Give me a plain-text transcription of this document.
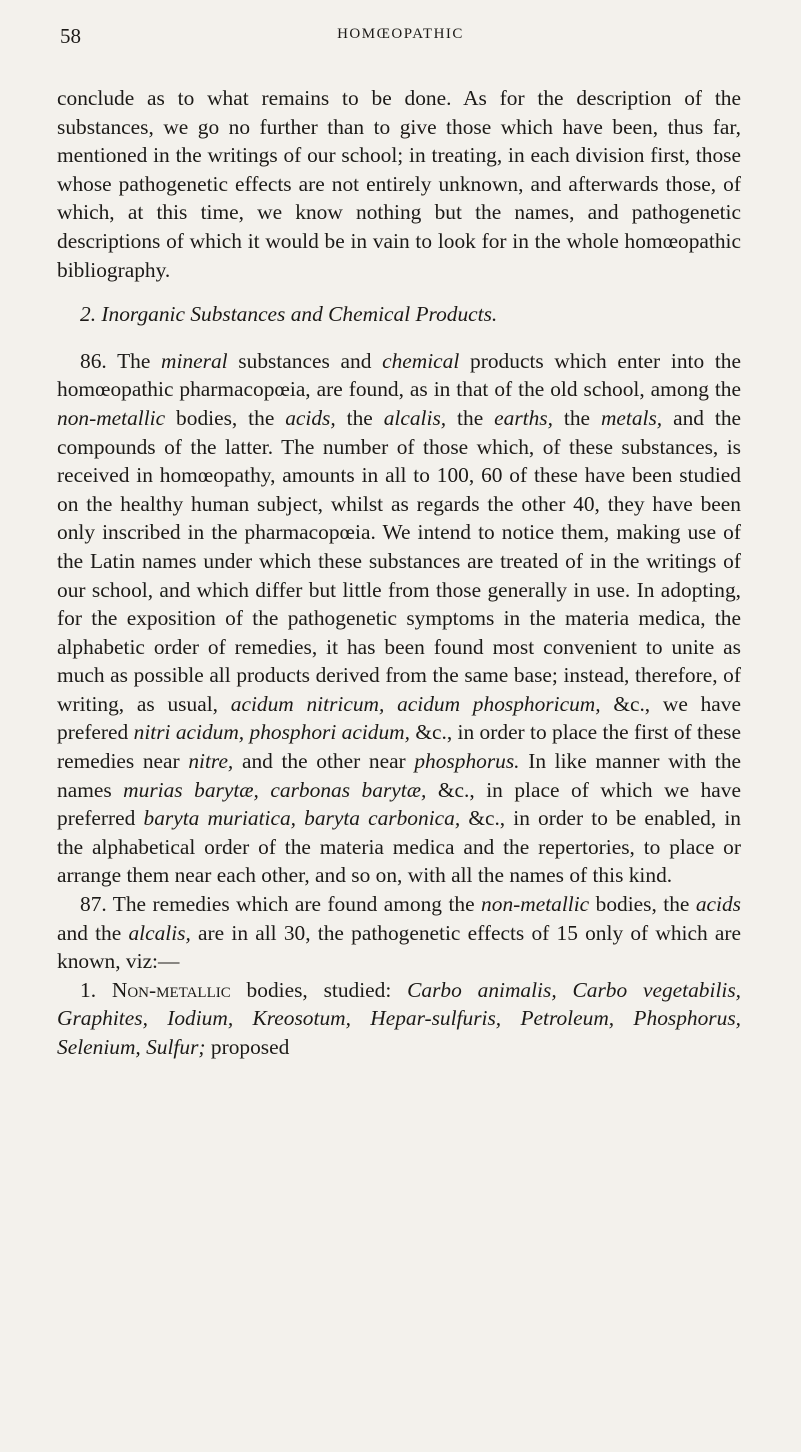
58	HOMŒOPATHIC

conclude as to what remains to be done. As for the description of the substances, we go no further than to give those which have been, thus far, mentioned in the writings of our school; in treating, in each division first, those whose pathogenetic effects are not entirely unknown, and afterwards those, of which, at this time, we know nothing but the names, and pathogenetic descriptions of which it would be in vain to look for in the whole homœopathic bibliography.

2. Inorganic Substances and Chemical Products.

86. The mineral substances and chemical products which enter into the homœopathic pharmacopœia, are found, as in that of the old school, among the non-metallic bodies, the acids, the alcalis, the earths, the metals, and the compounds of the latter. The number of those which, of these substances, is received in homœopathy, amounts in all to 100, 60 of these have been studied on the healthy human subject, whilst as regards the other 40, they have been only inscribed in the pharmacopœia. We intend to notice them, making use of the Latin names under which these substances are treated of in the writings of our school, and which differ but little from those generally in use. In adopting, for the exposition of the pathogenetic symptoms in the materia medica, the alphabetic order of remedies, it has been found most convenient to unite as much as possible all products derived from the same base; instead, therefore, of writing, as usual, acidum nitricum, acidum phosphoricum, &c., we have prefered nitri acidum, phosphori acidum, &c., in order to place the first of these remedies near nitre, and the other near phosphorus. In like manner with the names murias barytæ, carbonas barytæ, &c., in place of which we have preferred baryta muriatica, baryta carbonica, &c., in order to be enabled, in the alphabetical order of the materia medica and the repertories, to place or arrange them near each other, and so on, with all the names of this kind.

87. The remedies which are found among the non-metallic bodies, the acids and the alcalis, are in all 30, the pathogenetic effects of 15 only of which are known, viz:—

1. Non-metallic bodies, studied: Carbo animalis, Carbo vegetabilis, Graphites, Iodium, Kreosotum, Hepar-sulfuris, Petroleum, Phosphorus, Selenium, Sulfur; proposed
